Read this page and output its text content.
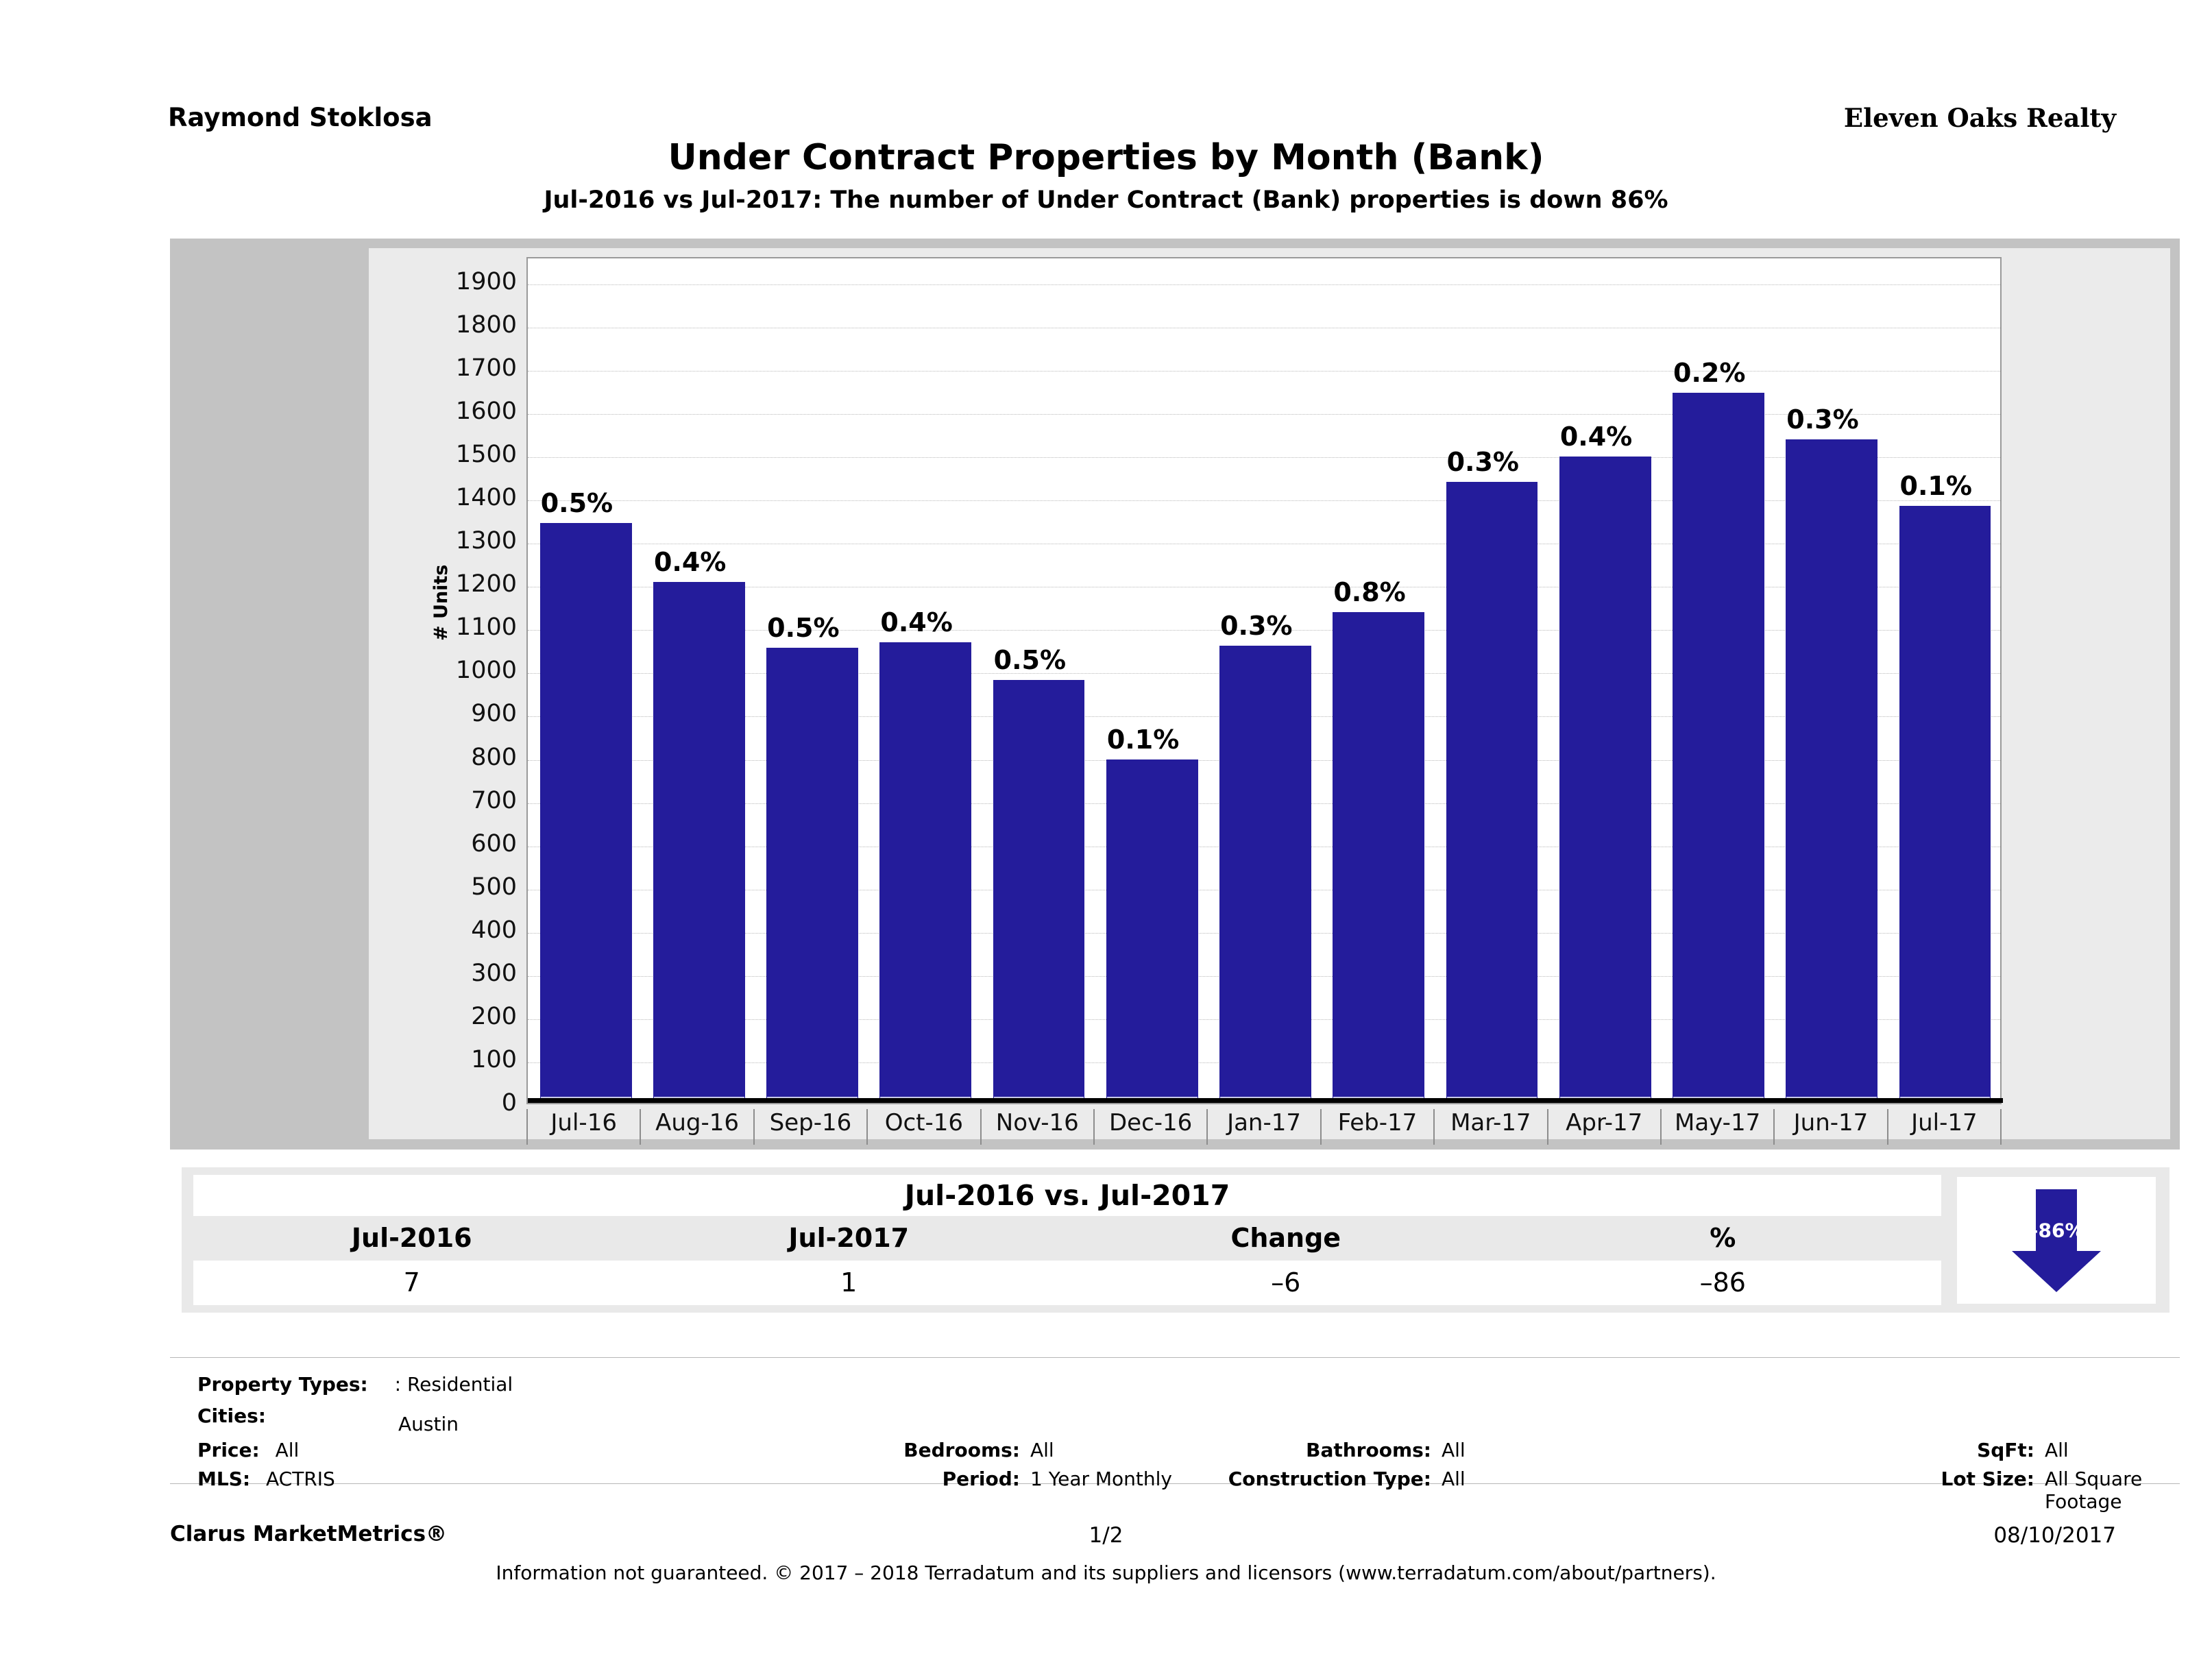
Raymond Stoklosa	Eleven Oaks Realty
Under Contract Properties by Month (Bank)
Jul-2016 vs Jul-2017: The number of Under Contract (Bank) properties is down 86%
# Units
0.5%
0.4%
0.5% 0.4%
0.5%
0.1%
0.3%
0.8%
0.3%
0.4%
0.2%
0.3%
0.1%
1900
1800
1700
1600
1500
1400
1300
1200
1100
1000
900
800
700
600
500
400
300
200
100
0
Jul-16	Aug-16	Sep-16	Oct-16	Nov-16	Dec-16	Jan-17	Feb-17	Mar-17	Apr-17	May-17	Jun-17	Jul-17
Jul-2016 vs. Jul-2017
Jul-2016	Jul-2017	Change	%
7	1	–6	–86
–86%
Property Types: : Residential
Cities:	Austin
Price: All
MLS: ACTRIS
Bedrooms: All
Period: 1 Year Monthly
Bathrooms: All
Construction Type: All
SqFt: All
Lot Size: All Square Footage
Clarus MarketMetrics®	1/2	08/10/2017
Information not guaranteed. © 2017 – 2018 Terradatum and its suppliers and licensors (www.terradatum.com/about/partners).
